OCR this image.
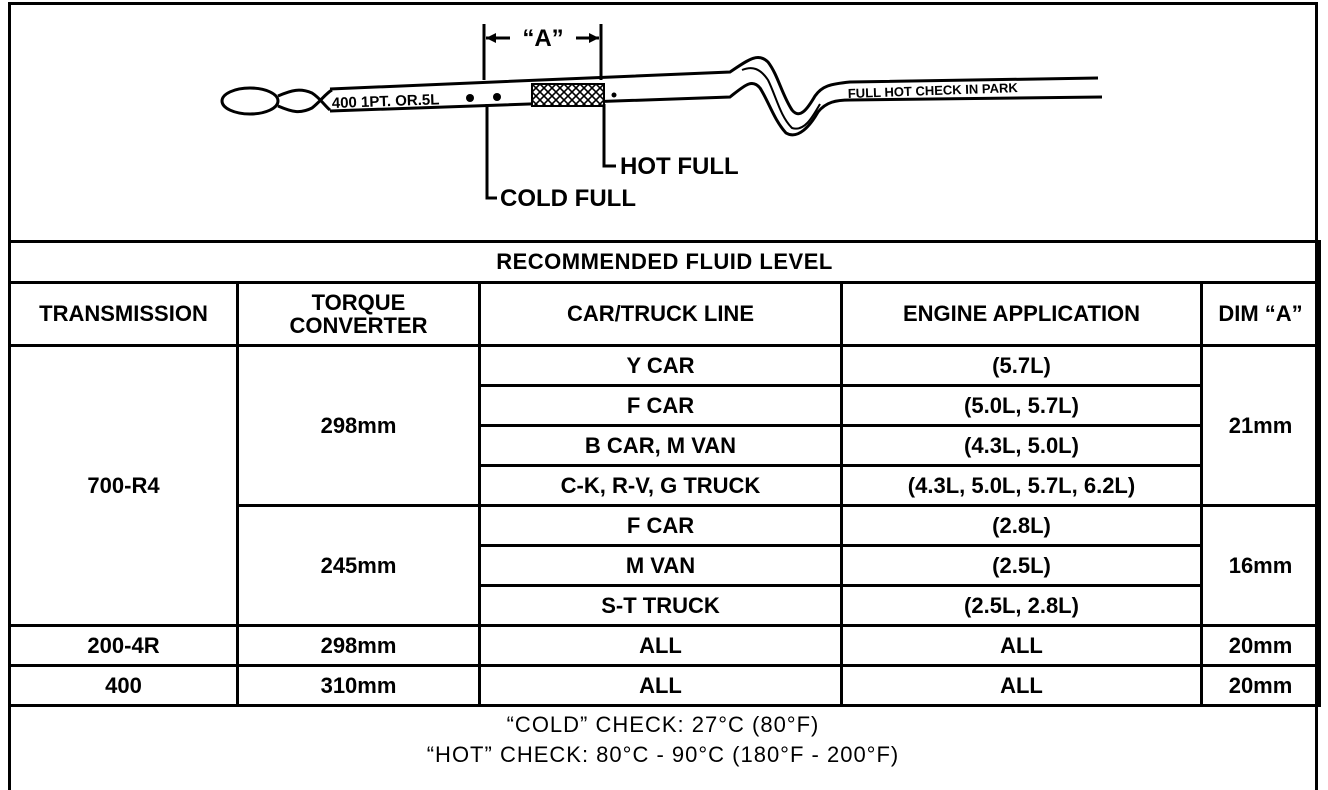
400 1PT. OR.5L
FULL HOT CHECK IN PARK
“A”
HOT FULL
COLD FULL
RECOMMENDED FLUID LEVEL				
TRANSMISSION	TORQUE CONVERTER	CAR/TRUCK LINE	ENGINE APPLICATION	DIM “A”
700-R4	298mm	Y CAR	(5.7L)	21mm
		F CAR	(5.0L, 5.7L)	
		B CAR, M VAN	(4.3L, 5.0L)	
		C-K, R-V, G TRUCK	(4.3L, 5.0L, 5.7L, 6.2L)	
	245mm	F CAR	(2.8L)	16mm
		M VAN	(2.5L)	
		S-T TRUCK	(2.5L, 2.8L)	
200-4R	298mm	ALL	ALL	20mm
400	310mm	ALL	ALL	20mm
“COLD” CHECK: 27°C (80°F)
“HOT” CHECK: 80°C - 90°C (180°F - 200°F)
